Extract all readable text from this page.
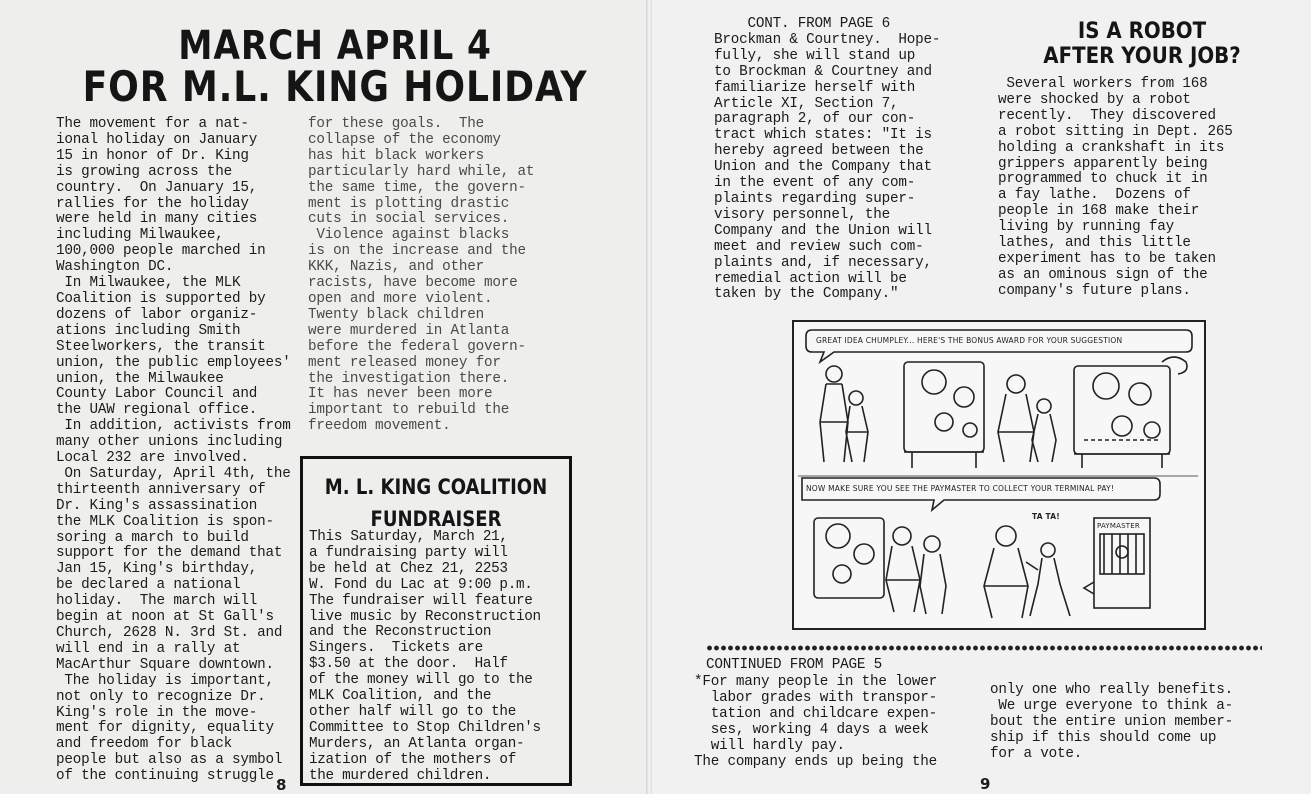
MARCH APRIL 4
FOR M.L. KING HOLIDAY
The movement for a nat-
ional holiday on January
15 in honor of Dr. King
is growing across the
country.  On January 15,
rallies for the holiday
were held in many cities
including Milwaukee,
100,000 people marched in
Washington DC.
In Milwaukee, the MLK
Coalition is supported by
dozens of labor organiz-
ations including Smith
Steelworkers, the transit
union, the public employees'
union, the Milwaukee
County Labor Council and
the UAW regional office.
In addition, activists from
many other unions including
Local 232 are involved.
On Saturday, April 4th, the
thirteenth anniversary of
Dr. King's assassination
the MLK Coalition is spon-
soring a march to build
support for the demand that
Jan 15, King's birthday,
be declared a national
holiday.  The march will
begin at noon at St Gall's
Church, 2628 N. 3rd St. and
will end in a rally at
MacArthur Square downtown.
The holiday is important,
not only to recognize Dr.
King's role in the move-
ment for dignity, equality
and freedom for black
people but also as a symbol
of the continuing struggle
for these goals.  The
collapse of the economy
has hit black workers
particularly hard while, at
the same time, the govern-
ment is plotting drastic
cuts in social services.
Violence against blacks
is on the increase and the
KKK, Nazis, and other
racists, have become more
open and more violent.
Twenty black children
were murdered in Atlanta
before the federal govern-
ment released money for
the investigation there.
It has never been more
important to rebuild the
freedom movement.
M. L. KING COALITION
FUNDRAISER
This Saturday, March 21,
a fundraising party will
be held at Chez 21, 2253
W. Fond du Lac at 9:00 p.m.
The fundraiser will feature
live music by Reconstruction
and the Reconstruction
Singers.  Tickets are
$3.50 at the door.  Half
of the money will go to the
MLK Coalition, and the
other half will go to the
Committee to Stop Children's
Murders, an Atlanta organ-
ization of the mothers of
the murdered children.
8
CONT. FROM PAGE 6
Brockman & Courtney.  Hope-
fully, she will stand up
to Brockman & Courtney and
familiarize herself with
Article XI, Section 7,
paragraph 2, of our con-
tract which states: "It is
hereby agreed between the
Union and the Company that
in the event of any com-
plaints regarding super-
visory personnel, the
Company and the Union will
meet and review such com-
plaints and, if necessary,
remedial action will be
taken by the Company."
IS A ROBOT
AFTER YOUR JOB?
Several workers from 168
were shocked by a robot
recently.  They discovered
a robot sitting in Dept. 265
holding a crankshaft in its
grippers apparently being
programmed to chuck it in
a fay lathe.  Dozens of
people in 168 make their
living by running fay
lathes, and this little
experiment has to be taken
as an ominous sign of the
company's future plans.
GREAT IDEA CHUMPLEY... HERE'S THE BONUS AWARD FOR YOUR SUGGESTION
NOW MAKE SURE YOU SEE THE PAYMASTER TO COLLECT YOUR TERMINAL PAY!
TA TA!
PAYMASTER
CONTINUED FROM PAGE 5
*For many people in the lower
labor grades with transpor-
tation and childcare expen-
ses, working 4 days a week
will hardly pay.
The company ends up being the
only one who really benefits.
We urge everyone to think a-
bout the entire union member-
ship if this should come up
for a vote.
9
